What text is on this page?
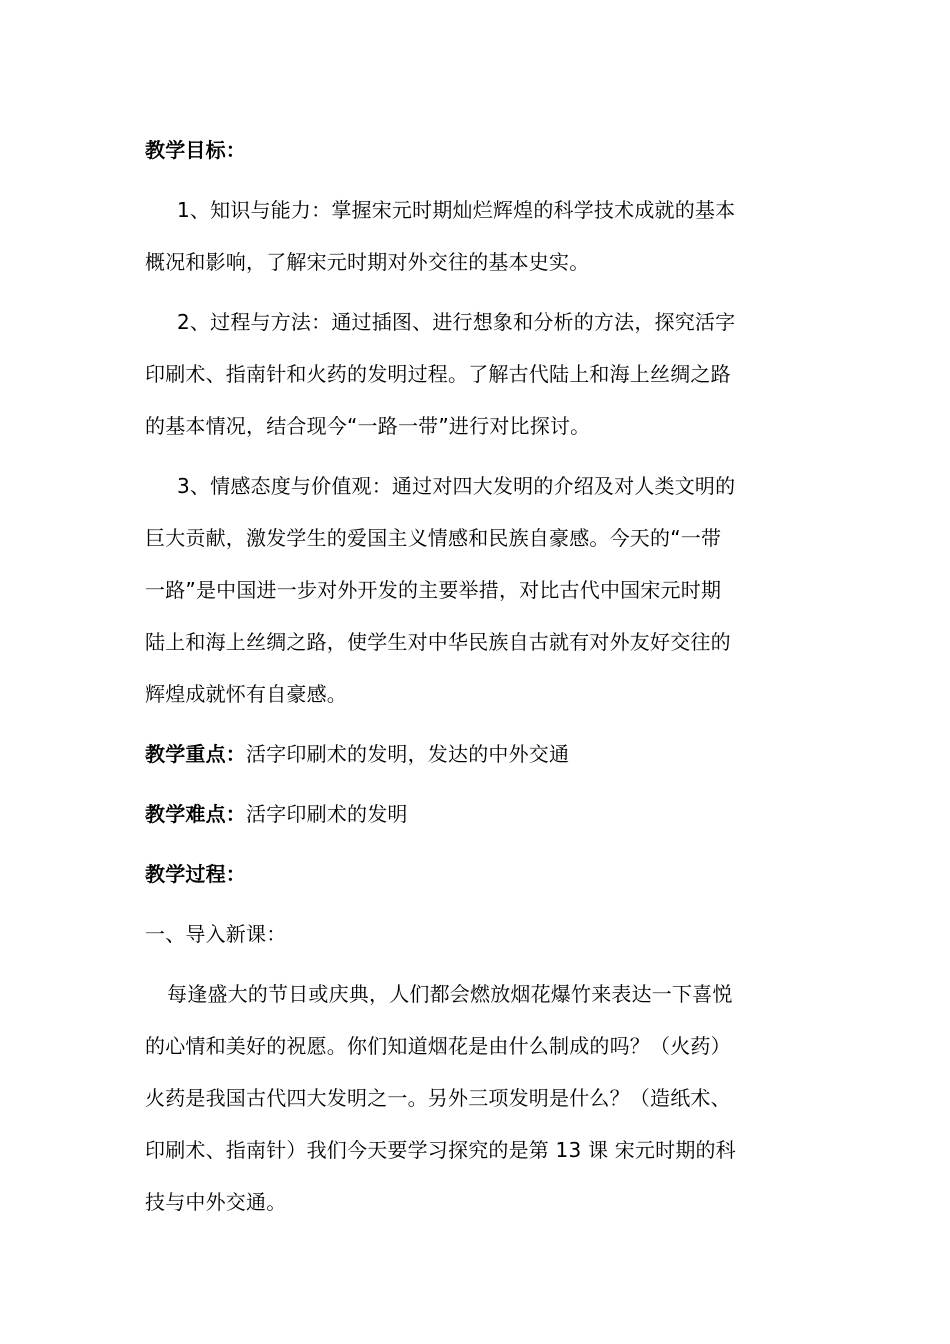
教学目标：
1、知识与能力：掌握宋元时期灿烂辉煌的科学技术成就的基本
概况和影响，了解宋元时期对外交往的基本史实。
2、过程与方法：通过插图、进行想象和分析的方法，探究活字
印刷术、指南针和火药的发明过程。了解古代陆上和海上丝绸之路
的基本情况，结合现今“一路一带”进行对比探讨。
3、情感态度与价值观：通过对四大发明的介绍及对人类文明的
巨大贡献，激发学生的爱国主义情感和民族自豪感。今天的“一带
一路”是中国进一步对外开发的主要举措，对比古代中国宋元时期
陆上和海上丝绸之路，使学生对中华民族自古就有对外友好交往的
辉煌成就怀有自豪感。
教学重点：活字印刷术的发明，发达的中外交通
教学难点：活字印刷术的发明
教学过程：
一、导入新课：
每逢盛大的节日或庆典，人们都会燃放烟花爆竹来表达一下喜悦
的心情和美好的祝愿。你们知道烟花是由什么制成的吗？（火药）
火药是我国古代四大发明之一。另外三项发明是什么？（造纸术、
印刷术、指南针）我们今天要学习探究的是第 13 课 宋元时期的科
技与中外交通。
